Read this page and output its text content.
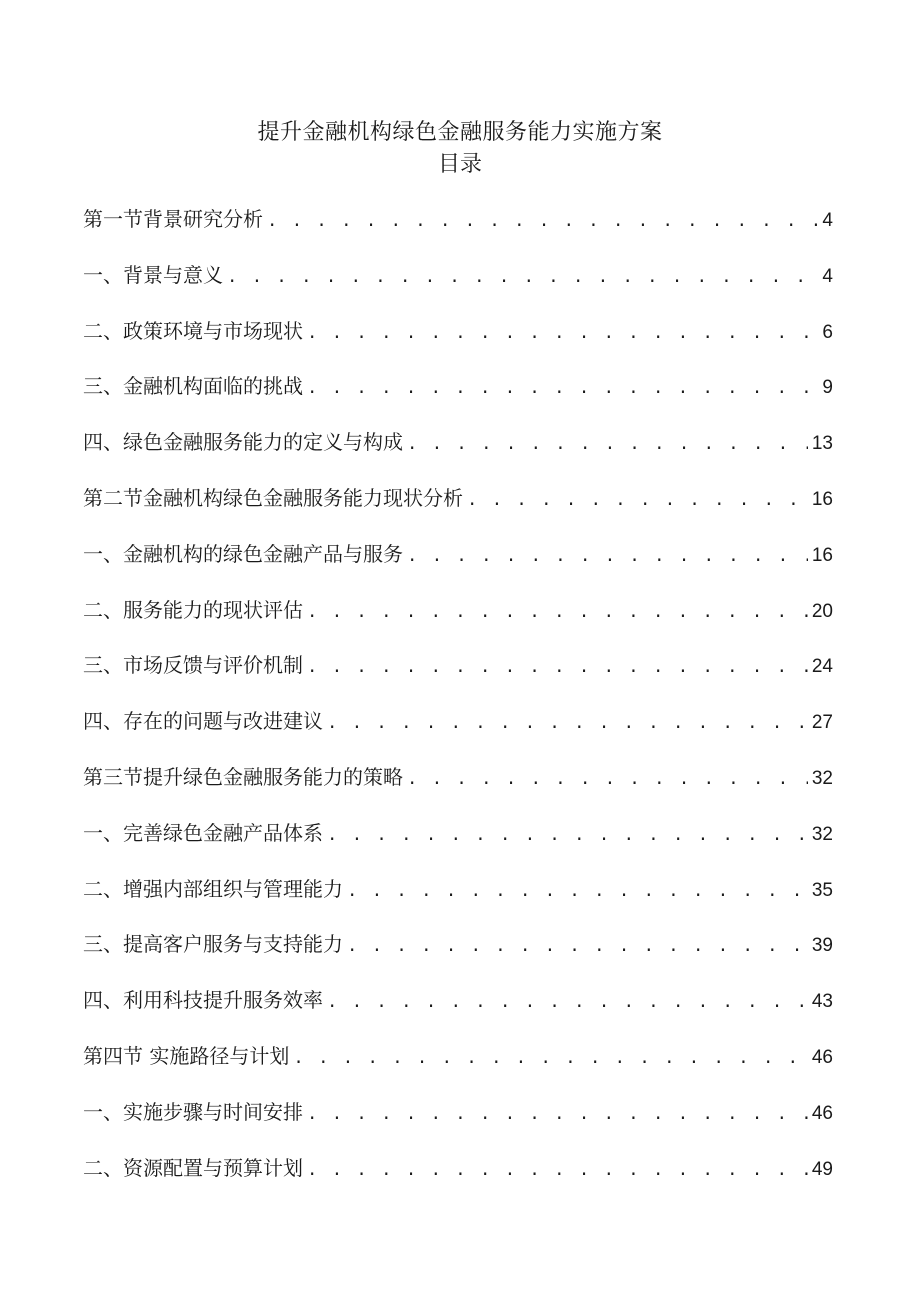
提升金融机构绿色金融服务能力实施方案
目录
第一节背景研究分析 . . .	4
一、背景与意义 . . .	4
二、政策环境与市场现状 . . .	6
三、金融机构面临的挑战 . . .	9
四、绿色金融服务能力的定义与构成 . . .	13
第二节金融机构绿色金融服务能力现状分析 . . .	16
一、金融机构的绿色金融产品与服务 . . .	16
二、服务能力的现状评估 . . .	20
三、市场反馈与评价机制 . . .	24
四、存在的问题与改进建议 . . .	27
第三节提升绿色金融服务能力的策略 . . .	32
一、完善绿色金融产品体系 . . .	32
二、增强内部组织与管理能力 . . .	35
三、提高客户服务与支持能力 . . .	39
四、利用科技提升服务效率 . . .	43
第四节 实施路径与计划 . . .	46
一、实施步骤与时间安排 . . .	46
二、资源配置与预算计划 . . .	49
